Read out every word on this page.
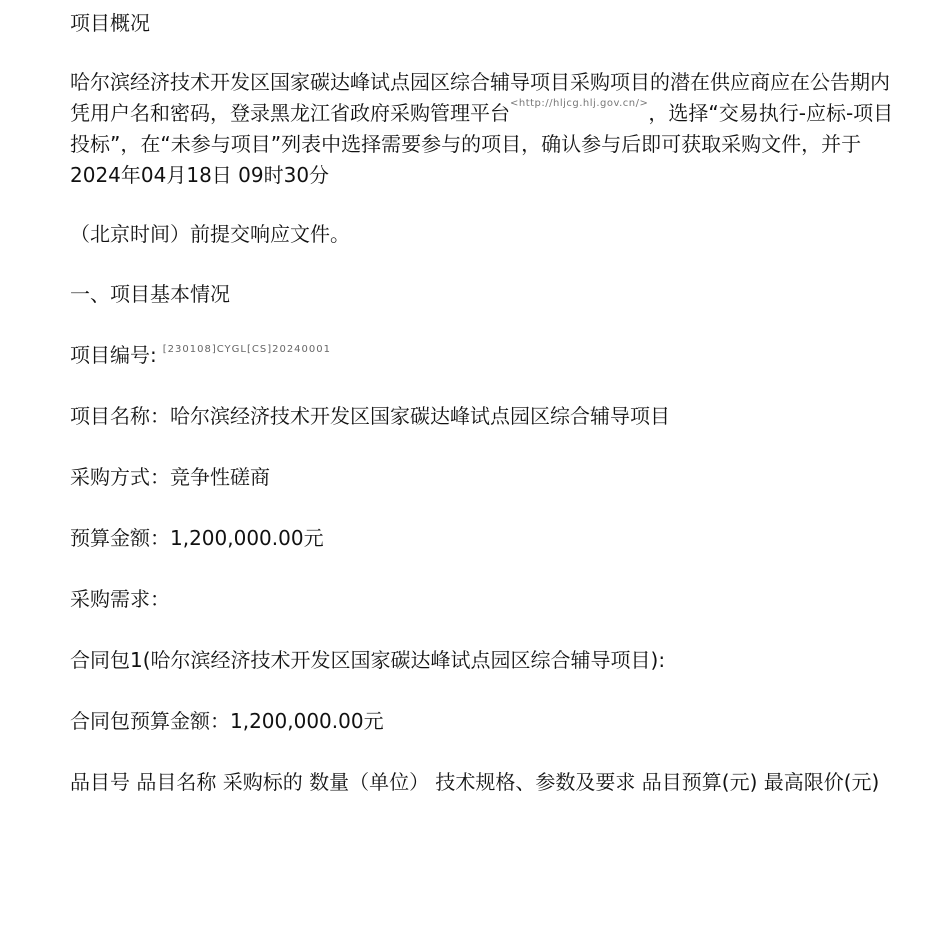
项目概况

哈尔滨经济技术开发区国家碳达峰试点园区综合辅导项目采购项目的潜在供应商应在公告期内凭用户名和密码，登录黑龙江省政府采购管理平台$^{<http://hljcg.hlj.gov.cn/>}$，选择“交易执行-应标-项目投标”，在“未参与项目”列表中选择需要参与的项目，确认参与后即可获取采购文件，并于 2024年04月18日 09时30分

（北京时间）前提交响应文件。

一、项目基本情况

项目编号: $^{[230108]CYGL[CS]20240001}$

项目名称：哈尔滨经济技术开发区国家碳达峰试点园区综合辅导项目

采购方式：竞争性磋商

预算金额：1,200,000.00元

采购需求：

合同包1(哈尔滨经济技术开发区国家碳达峰试点园区综合辅导项目):

合同包预算金额：1,200,000.00元

品目号 品目名称 采购标的 数量（单位） 技术规格、参数及要求 品目预算(元) 最高限价(元)
